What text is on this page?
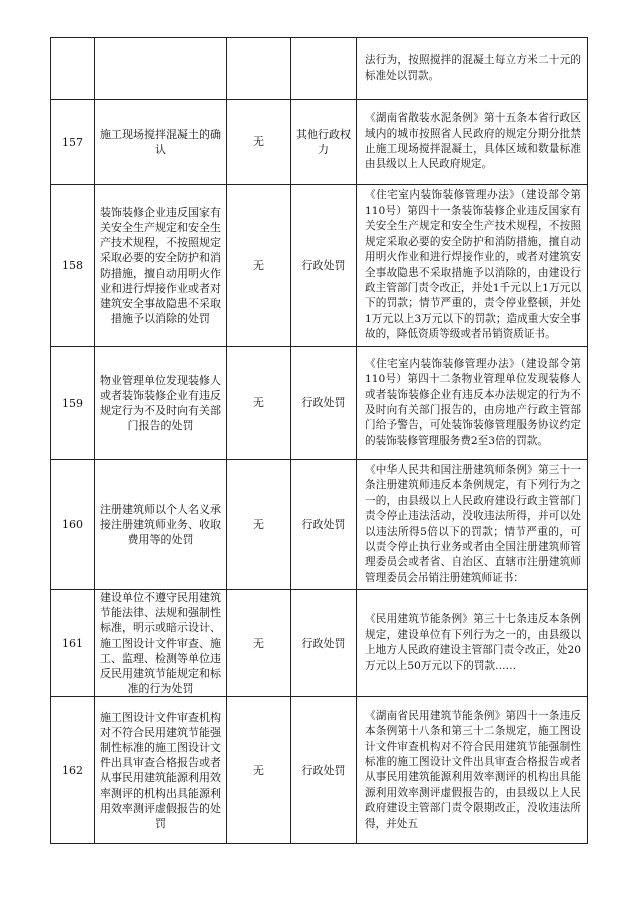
				法行为，按照搅拌的混凝土每立方米二十元的标准处以罚款。

157	施工现场搅拌混凝土的确认	无	其他行政权力	《湖南省散装水泥条例》第十五条本省行政区域内的城市按照省人民政府的规定分期分批禁止施工现场搅拌混凝土，具体区域和数量标准由县级以上人民政府规定。

158	装饰装修企业违反国家有关安全生产规定和安全生产技术规程，不按照规定采取必要的安全防护和消防措施，擅自动用明火作业和进行焊接作业或者对建筑安全事故隐患不采取措施予以消除的处罚	无	行政处罚	《住宅室内装饰装修管理办法》（建设部令第110号）第四十一条装饰装修企业违反国家有关安全生产规定和安全生产技术规程，不按照规定采取必要的安全防护和消防措施，擅自动用明火作业和进行焊接作业的，或者对建筑安全事故隐患不采取措施予以消除的，由建设行政主管部门责令改正，并处1千元以上1万元以下的罚款；情节严重的，责令停业整顿，并处1万元以上3万元以下的罚款；造成重大安全事故的，降低资质等级或者吊销资质证书。

159	物业管理单位发现装修人或者装饰装修企业有违反规定行为不及时向有关部门报告的处罚	无	行政处罚	《住宅室内装饰装修管理办法》（建设部令第110号）第四十二条物业管理单位发现装修人或者装饰装修企业有违反本办法规定的行为不及时向有关部门报告的，由房地产行政主管部门给予警告，可处装饰装修管理服务协议约定的装饰装修管理服务费2至3倍的罚款。

160	注册建筑师以个人名义承接注册建筑师业务、收取费用等的处罚	无	行政处罚	《中华人民共和国注册建筑师条例》第三十一条注册建筑师违反本条例规定，有下列行为之一的，由县级以上人民政府建设行政主管部门责令停止违法活动，没收违法所得，并可以处以违法所得5倍以下的罚款；情节严重的，可以责令停止执行业务或者由全国注册建筑师管理委员会或者省、自治区、直辖市注册建筑师管理委员会吊销注册建筑师证书：

161	建设单位不遵守民用建筑节能法律、法规和强制性标准，明示或暗示设计、施工图设计文件审查、施工、监理、检测等单位违反民用建筑节能规定和标准的行为处罚	无	行政处罚	《民用建筑节能条例》第三十七条违反本条例规定，建设单位有下列行为之一的，由县级以上地方人民政府建设主管部门责令改正，处20万元以上50万元以下的罚款……

162	施工图设计文件审查机构对不符合民用建筑节能强制性标准的施工图设计文件出具审查合格报告或者从事民用建筑能源利用效率测评的机构出具能源利用效率测评虚假报告的处罚	无	行政处罚	《湖南省民用建筑节能条例》第四十一条违反本条例第十八条和第三十二条规定，施工图设计文件审查机构对不符合民用建筑节能强制性标准的施工图设计文件出具审查合格报告或者从事民用建筑能源利用效率测评的机构出具能源利用效率测评虚假报告的，由县级以上人民政府建设主管部门责令限期改正，没收违法所得，并处五
